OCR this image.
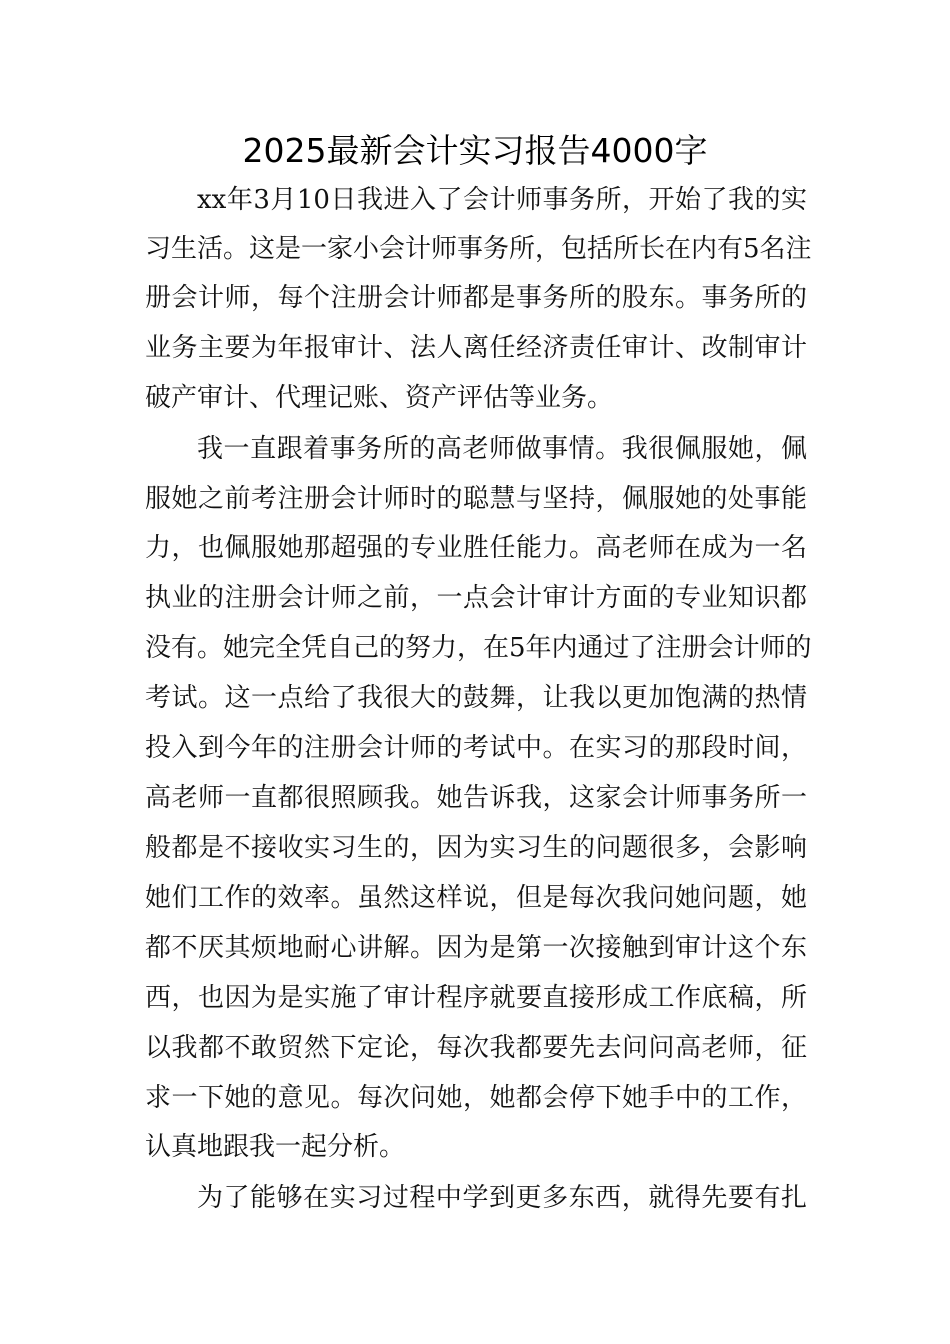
2025最新会计实习报告4000字

xx年3月10日我进入了会计师事务所，开始了我的实

习生活。这是一家小会计师事务所，包括所长在内有5名注

册会计师，每个注册会计师都是事务所的股东。事务所的

业务主要为年报审计、法人离任经济责任审计、改制审计

破产审计、代理记账、资产评估等业务。

我一直跟着事务所的高老师做事情。我很佩服她，佩

服她之前考注册会计师时的聪慧与坚持，佩服她的处事能

力，也佩服她那超强的专业胜任能力。高老师在成为一名

执业的注册会计师之前，一点会计审计方面的专业知识都

没有。她完全凭自己的努力，在5年内通过了注册会计师的

考试。这一点给了我很大的鼓舞，让我以更加饱满的热情

投入到今年的注册会计师的考试中。在实习的那段时间，

高老师一直都很照顾我。她告诉我，这家会计师事务所一

般都是不接收实习生的，因为实习生的问题很多，会影响

她们工作的效率。虽然这样说，但是每次我问她问题，她

都不厌其烦地耐心讲解。因为是第一次接触到审计这个东

西，也因为是实施了审计程序就要直接形成工作底稿，所

以我都不敢贸然下定论，每次我都要先去问问高老师，征

求一下她的意见。每次问她，她都会停下她手中的工作，

认真地跟我一起分析。

为了能够在实习过程中学到更多东西，就得先要有扎
